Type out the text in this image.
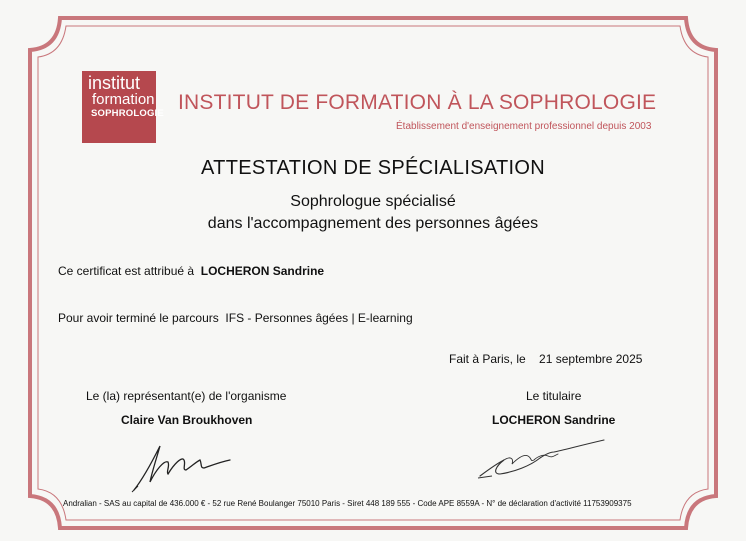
institut
formation
SOPHROLOGIE INSTITUT DE FORMATION À LA SOPHROLOGIE
Établissement d'enseignement professionnel depuis 2003
ATTESTATION DE SPÉCIALISATION
Sophrologue spécialisé
dans l'accompagnement des personnes âgées
Ce certificat est attribué à LOCHERON Sandrine
Pour avoir terminé le parcours IFS - Personnes âgées | E-learning
Fait à Paris, le 21 septembre 2025
Le (la) représentant(e) de l'organisme
Claire Van Broukhoven
Le titulaire
LOCHERON Sandrine
Andralian - SAS au capital de 436.000 € - 52 rue René Boulanger 75010 Paris - Siret 448 189 555 - Code APE 8559A - N° de déclaration d'activité 11753909375
